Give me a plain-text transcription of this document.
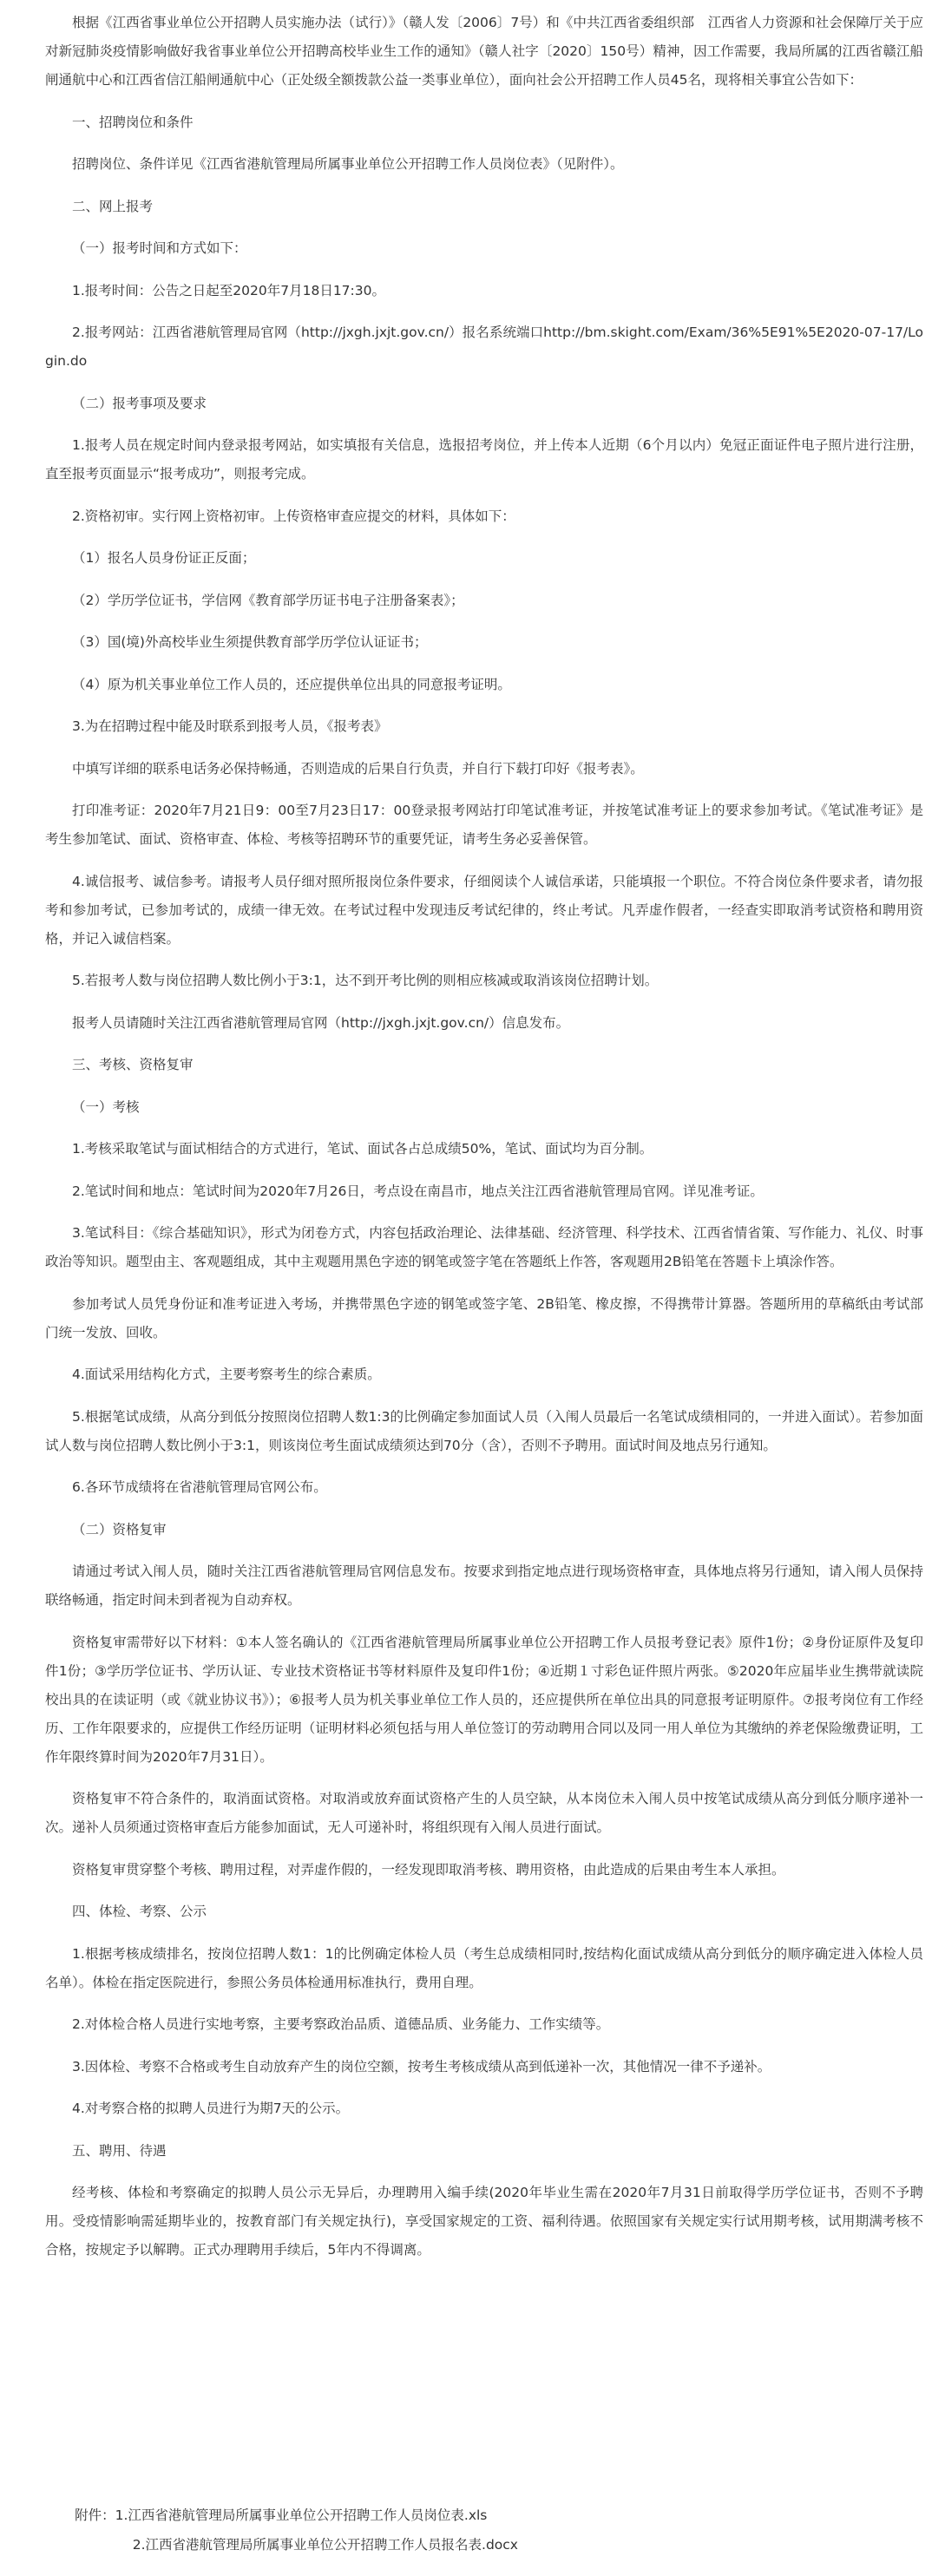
根据《江西省事业单位公开招聘人员实施办法（试行）》（赣人发〔2006〕7号）和《中共江西省委组织部　江西省人力资源和社会保障厅关于应对新冠肺炎疫情影响做好我省事业单位公开招聘高校毕业生工作的通知》（赣人社字〔2020〕150号）精神，因工作需要，我局所属的江西省赣江船闸通航中心和江西省信江船闸通航中心（正处级全额拨款公益一类事业单位），面向社会公开招聘工作人员45名，现将相关事宜公告如下：

一、招聘岗位和条件

招聘岗位、条件详见《江西省港航管理局所属事业单位公开招聘工作人员岗位表》（见附件）。

二、网上报考

（一）报考时间和方式如下：

1.报考时间：公告之日起至2020年7月18日17:30。

2.报考网站：江西省港航管理局官网（http://jxgh.jxjt.gov.cn/）报名系统端口http://bm.skight.com/Exam/36%5E91%5E2020-07-17/Login.do

（二）报考事项及要求

1.报考人员在规定时间内登录报考网站，如实填报有关信息，选报招考岗位，并上传本人近期（6个月以内）免冠正面证件电子照片进行注册，直至报考页面显示“报考成功”，则报考完成。

2.资格初审。实行网上资格初审。上传资格审查应提交的材料，具体如下：

（1）报名人员身份证正反面；

（2）学历学位证书，学信网《教育部学历证书电子注册备案表》；

（3）国(境)外高校毕业生须提供教育部学历学位认证证书；

（4）原为机关事业单位工作人员的，还应提供单位出具的同意报考证明。

3.为在招聘过程中能及时联系到报考人员，《报考表》

中填写详细的联系电话务必保持畅通，否则造成的后果自行负责，并自行下载打印好《报考表》。

打印准考证：2020年7月21日9：00至7月23日17：00登录报考网站打印笔试准考证，并按笔试准考证上的要求参加考试。《笔试准考证》是考生参加笔试、面试、资格审查、体检、考核等招聘环节的重要凭证，请考生务必妥善保管。

4.诚信报考、诚信参考。请报考人员仔细对照所报岗位条件要求，仔细阅读个人诚信承诺，只能填报一个职位。不符合岗位条件要求者，请勿报考和参加考试，已参加考试的，成绩一律无效。在考试过程中发现违反考试纪律的，终止考试。凡弄虚作假者，一经查实即取消考试资格和聘用资格，并记入诚信档案。

5.若报考人数与岗位招聘人数比例小于3:1，达不到开考比例的则相应核减或取消该岗位招聘计划。

报考人员请随时关注江西省港航管理局官网（http://jxgh.jxjt.gov.cn/）信息发布。

三、考核、资格复审

（一）考核

1.考核采取笔试与面试相结合的方式进行，笔试、面试各占总成绩50%，笔试、面试均为百分制。

2.笔试时间和地点：笔试时间为2020年7月26日，考点设在南昌市，地点关注江西省港航管理局官网。详见准考证。

3.笔试科目：《综合基础知识》，形式为闭卷方式，内容包括政治理论、法律基础、经济管理、科学技术、江西省情省策、写作能力、礼仪、时事政治等知识。题型由主、客观题组成，其中主观题用黑色字迹的钢笔或签字笔在答题纸上作答，客观题用2B铅笔在答题卡上填涂作答。

参加考试人员凭身份证和准考证进入考场，并携带黑色字迹的钢笔或签字笔、2B铅笔、橡皮擦，不得携带计算器。答题所用的草稿纸由考试部门统一发放、回收。

4.面试采用结构化方式，主要考察考生的综合素质。

5.根据笔试成绩，从高分到低分按照岗位招聘人数1:3的比例确定参加面试人员（入闱人员最后一名笔试成绩相同的，一并进入面试）。若参加面试人数与岗位招聘人数比例小于3:1，则该岗位考生面试成绩须达到70分（含），否则不予聘用。面试时间及地点另行通知。

6.各环节成绩将在省港航管理局官网公布。

（二）资格复审

请通过考试入闱人员，随时关注江西省港航管理局官网信息发布。按要求到指定地点进行现场资格审查，具体地点将另行通知，请入闱人员保持联络畅通，指定时间未到者视为自动弃权。

资格复审需带好以下材料：①本人签名确认的《江西省港航管理局所属事业单位公开招聘工作人员报考登记表》原件1份；②身份证原件及复印件1份；③学历学位证书、学历认证、专业技术资格证书等材料原件及复印件1份；④近期１寸彩色证件照片两张。⑤2020年应届毕业生携带就读院校出具的在读证明（或《就业协议书》）；⑥报考人员为机关事业单位工作人员的，还应提供所在单位出具的同意报考证明原件。⑦报考岗位有工作经历、工作年限要求的，应提供工作经历证明（证明材料必须包括与用人单位签订的劳动聘用合同以及同一用人单位为其缴纳的养老保险缴费证明，工作年限终算时间为2020年7月31日）。

资格复审不符合条件的，取消面试资格。对取消或放弃面试资格产生的人员空缺，从本岗位未入闱人员中按笔试成绩从高分到低分顺序递补一次。递补人员须通过资格审查后方能参加面试，无人可递补时，将组织现有入闱人员进行面试。

资格复审贯穿整个考核、聘用过程，对弄虚作假的，一经发现即取消考核、聘用资格，由此造成的后果由考生本人承担。

四、体检、考察、公示

1.根据考核成绩排名，按岗位招聘人数1：1的比例确定体检人员（考生总成绩相同时,按结构化面试成绩从高分到低分的顺序确定进入体检人员名单）。体检在指定医院进行，参照公务员体检通用标准执行，费用自理。

2.对体检合格人员进行实地考察，主要考察政治品质、道德品质、业务能力、工作实绩等。

3.因体检、考察不合格或考生自动放弃产生的岗位空额，按考生考核成绩从高到低递补一次，其他情况一律不予递补。

4.对考察合格的拟聘人员进行为期7天的公示。

五、聘用、待遇

经考核、体检和考察确定的拟聘人员公示无异后，办理聘用入编手续(2020年毕业生需在2020年7月31日前取得学历学位证书，否则不予聘用。受疫情影响需延期毕业的，按教育部门有关规定执行)，享受国家规定的工资、福利待遇。依照国家有关规定实行试用期考核，试用期满考核不合格，按规定予以解聘。正式办理聘用手续后，5年内不得调离。

附件：1.江西省港航管理局所属事业单位公开招聘工作人员岗位表.xls
2.江西省港航管理局所属事业单位公开招聘工作人员报名表.docx
